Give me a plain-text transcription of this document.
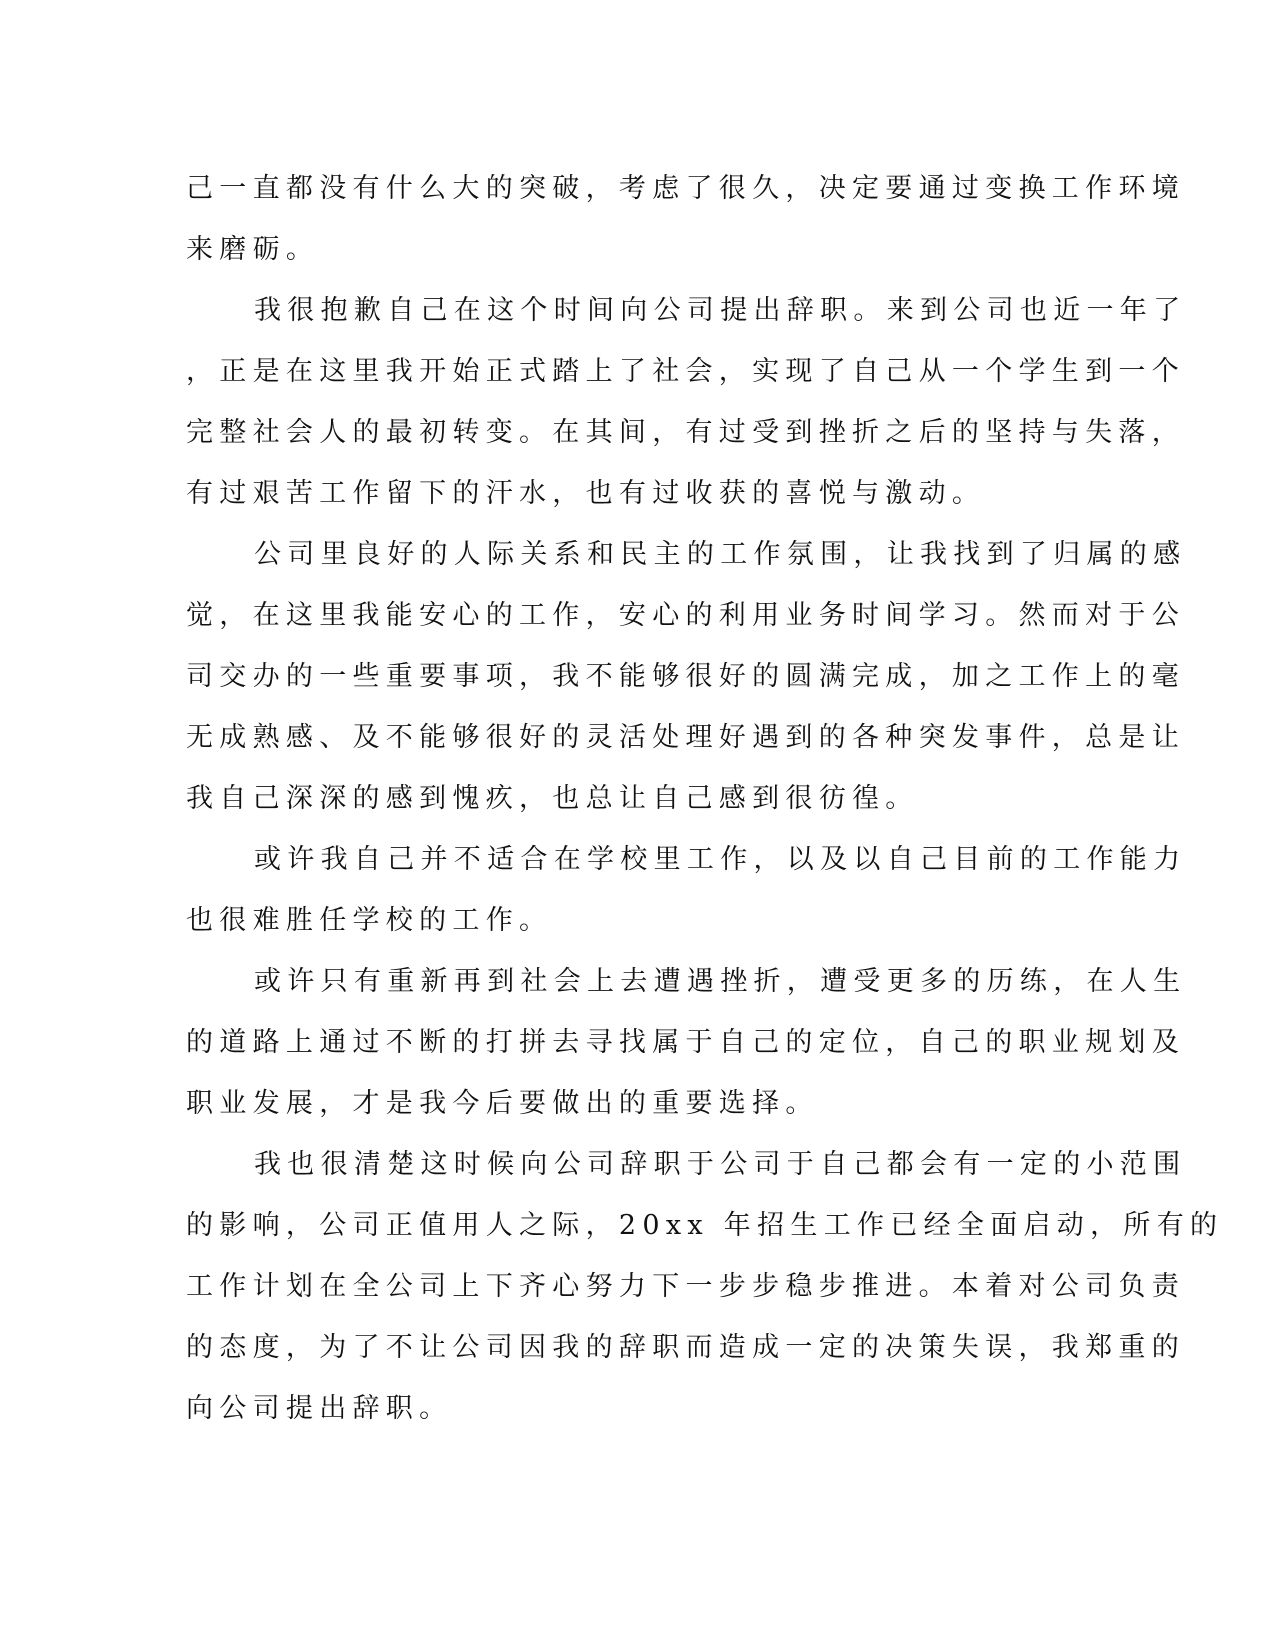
己一直都没有什么大的突破，考虑了很久，决定要通过变换工作环境
来磨砺。
我很抱歉自己在这个时间向公司提出辞职。来到公司也近一年了
，正是在这里我开始正式踏上了社会，实现了自己从一个学生到一个
完整社会人的最初转变。在其间，有过受到挫折之后的坚持与失落，
有过艰苦工作留下的汗水，也有过收获的喜悦与激动。
公司里良好的人际关系和民主的工作氛围，让我找到了归属的感
觉，在这里我能安心的工作，安心的利用业务时间学习。然而对于公
司交办的一些重要事项，我不能够很好的圆满完成，加之工作上的毫
无成熟感、及不能够很好的灵活处理好遇到的各种突发事件，总是让
我自己深深的感到愧疚，也总让自己感到很彷徨。
或许我自己并不适合在学校里工作，以及以自己目前的工作能力
也很难胜任学校的工作。
或许只有重新再到社会上去遭遇挫折，遭受更多的历练，在人生
的道路上通过不断的打拼去寻找属于自己的定位，自己的职业规划及
职业发展，才是我今后要做出的重要选择。
我也很清楚这时候向公司辞职于公司于自己都会有一定的小范围
的影响，公司正值用人之际，20xx 年招生工作已经全面启动，所有的
工作计划在全公司上下齐心努力下一步步稳步推进。本着对公司负责
的态度，为了不让公司因我的辞职而造成一定的决策失误，我郑重的
向公司提出辞职。
